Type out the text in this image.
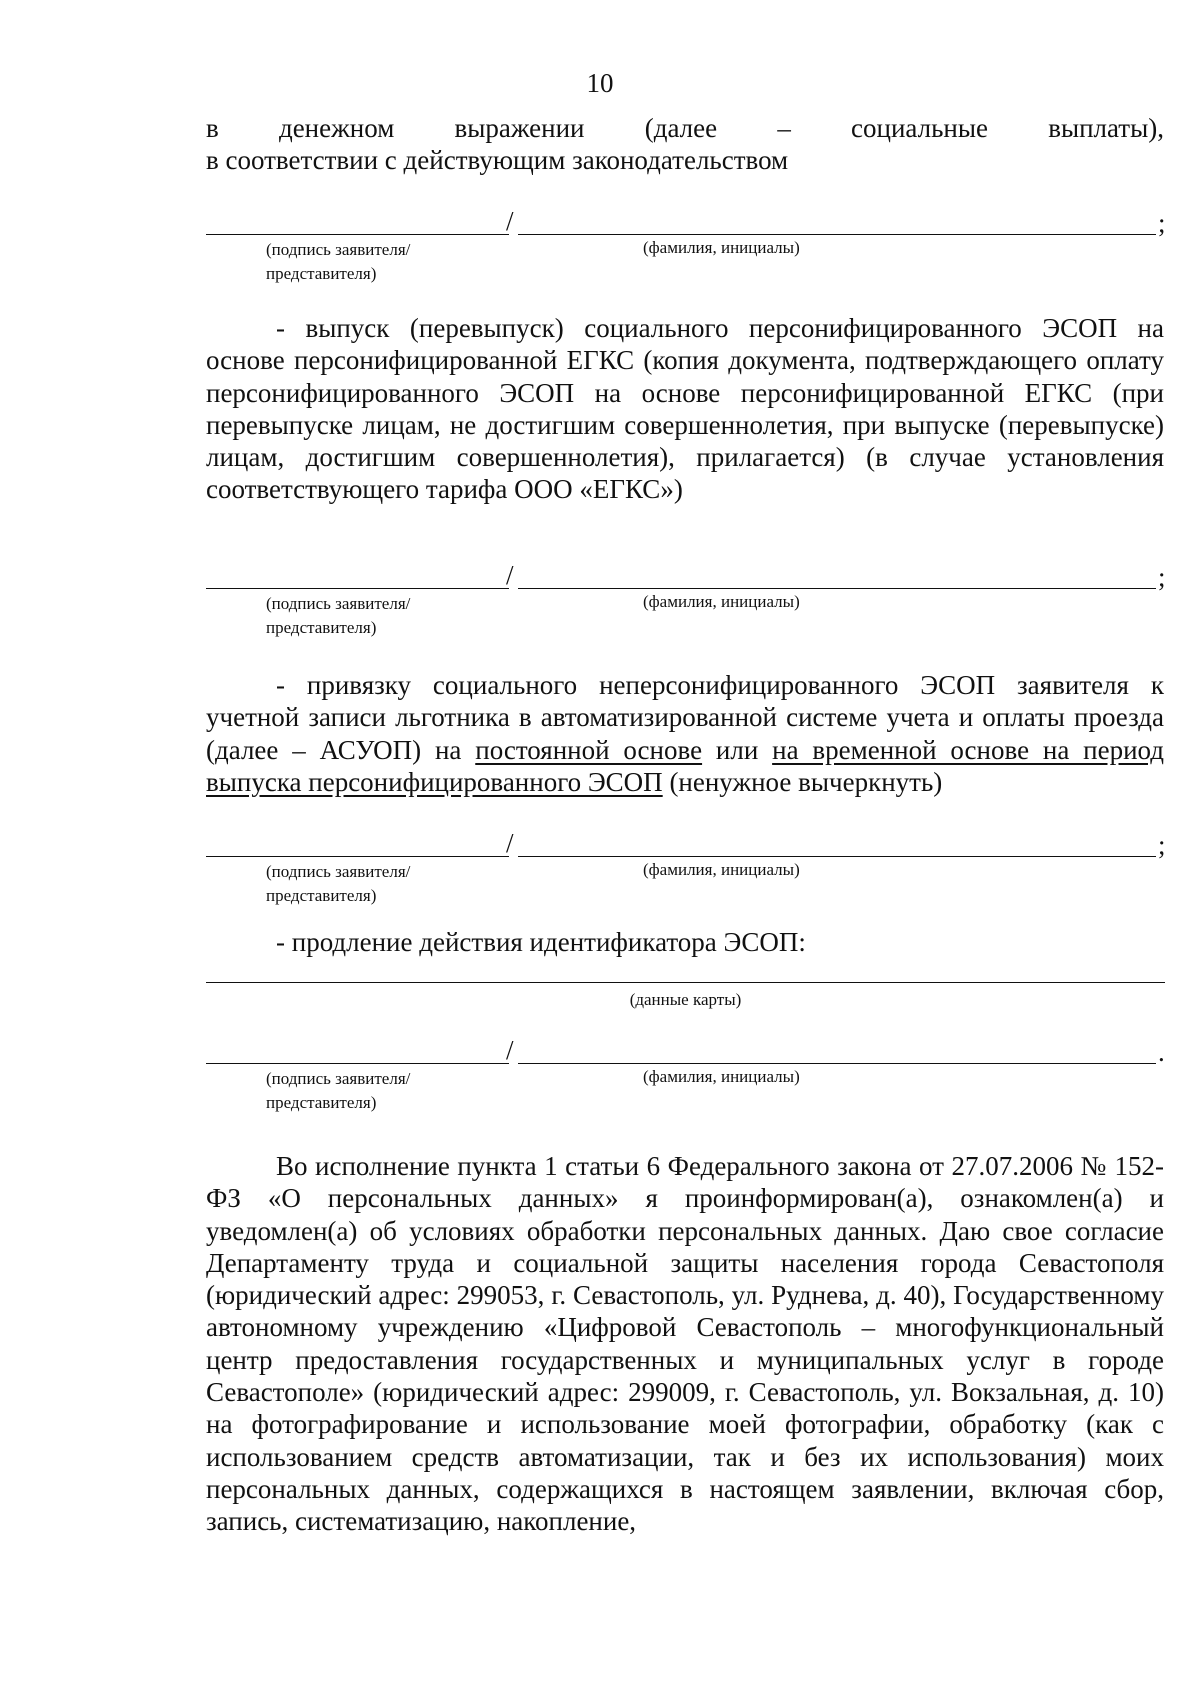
10
в денежном выражении (далее – социальные выплаты),
в соответствии с действующим законодательством
/	;
(подпись заявителя/
представителя)
(фамилия, инициалы)
- выпуск (перевыпуск) социального персонифицированного ЭСОП на основе персонифицированной ЕГКС (копия документа, подтверждающего оплату персонифицированного ЭСОП на основе персонифицированной ЕГКС (при перевыпуске лицам, не достигшим совершеннолетия, при выпуске (перевыпуске) лицам, достигшим совершеннолетия), прилагается) (в случае установления соответствующего тарифа ООО «ЕГКС»)
/	;
(подпись заявителя/
представителя)
(фамилия, инициалы)
- привязку социального неперсонифицированного ЭСОП заявителя к учетной записи льготника в автоматизированной системе учета и оплаты проезда (далее – АСУОП) на постоянной основе или на временной основе на период выпуска персонифицированного ЭСОП (ненужное вычеркнуть)
/	;
(подпись заявителя/
представителя)
(фамилия, инициалы)
- продление действия идентификатора ЭСОП:
(данные карты)
/	.
(подпись заявителя/
представителя)
(фамилия, инициалы)
Во исполнение пункта 1 статьи 6 Федерального закона от 27.07.2006 № 152-ФЗ «О персональных данных» я проинформирован(а), ознакомлен(а) и уведомлен(а) об условиях обработки персональных данных. Даю свое согласие Департаменту труда и социальной защиты населения города Севастополя (юридический адрес: 299053, г. Севастополь, ул. Руднева, д. 40), Государственному автономному учреждению «Цифровой Севастополь – многофункциональный центр предоставления государственных и муниципальных услуг в городе Севастополе» (юридический адрес: 299009, г. Севастополь, ул. Вокзальная, д. 10) на фотографирование и использование моей фотографии, обработку (как с использованием средств автоматизации, так и без их использования) моих персональных данных, содержащихся в настоящем заявлении, включая сбор, запись, систематизацию, накопление,
